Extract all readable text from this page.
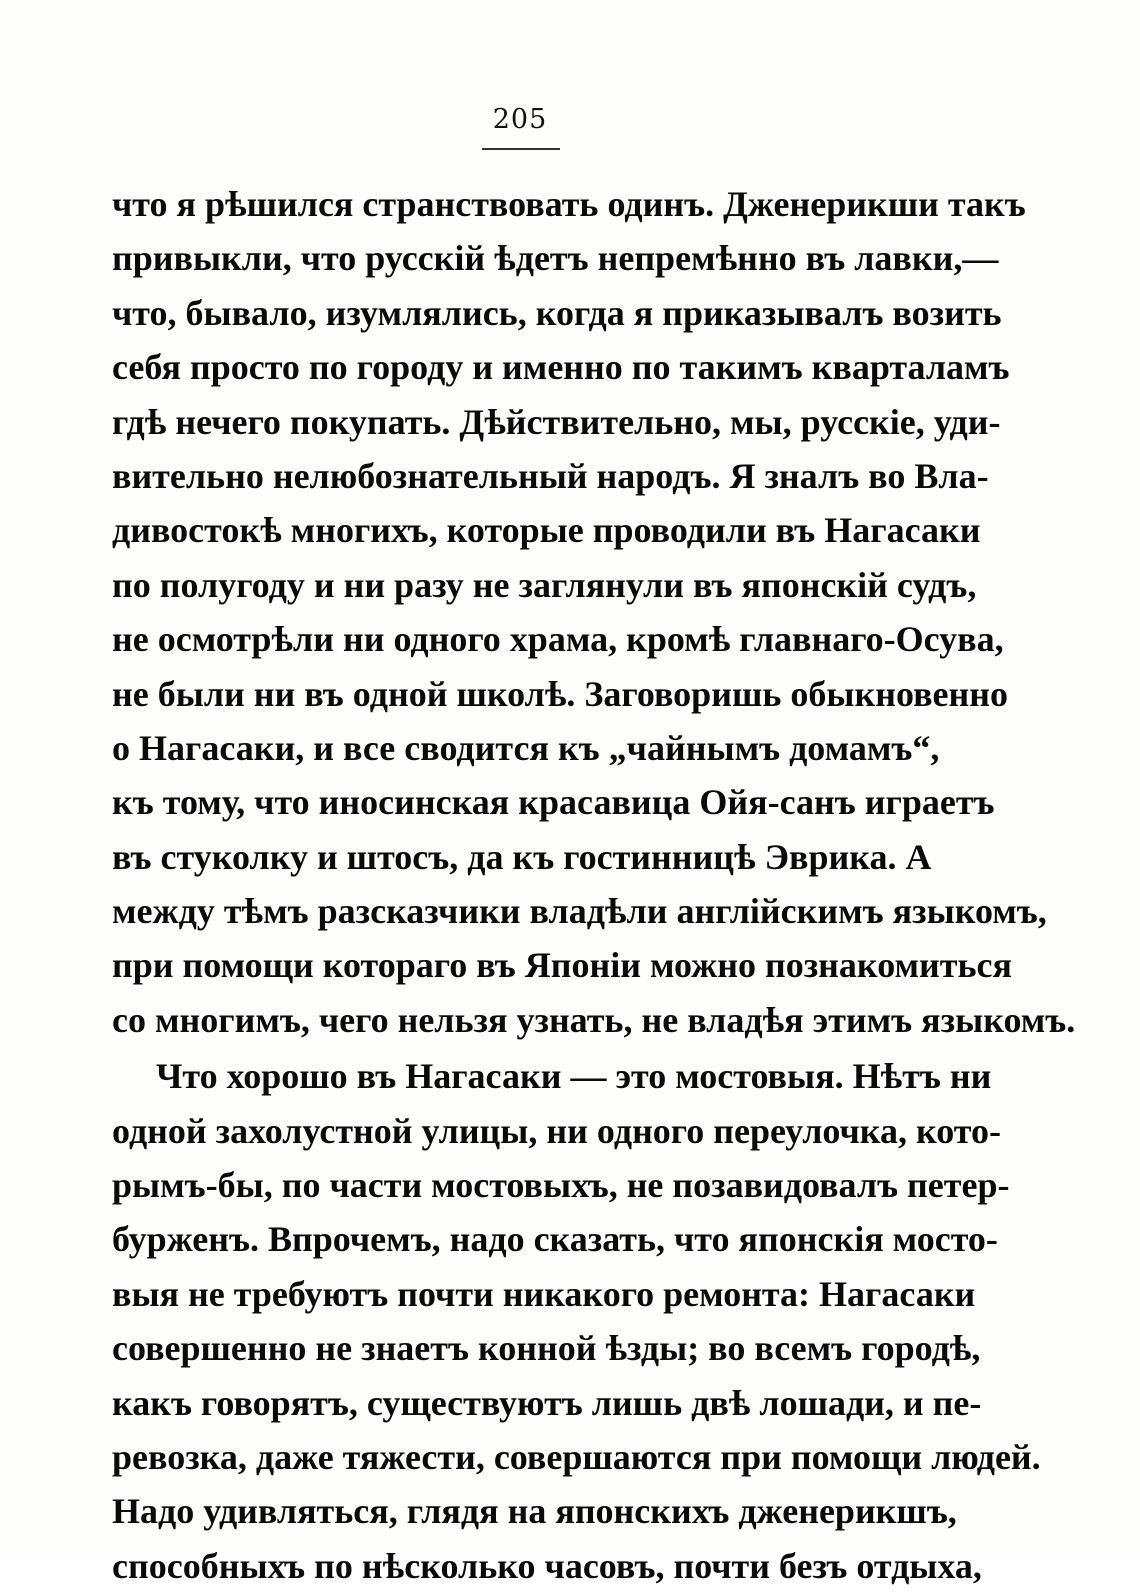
205
что я рѣшился странствовать одинъ. Дженерикши такъ
привыкли, что русскій ѣдетъ непремѣнно въ лавки,—
что, бывало, изумлялись, когда я приказывалъ возить
себя просто по городу и именно по такимъ кварталамъ
гдѣ нечего покупать. Дѣйствительно, мы, русскіе, уди-
вительно нелюбознательный народъ. Я зналъ во Вла-
дивостокѣ многихъ, которые проводили въ Нагасаки
по полугоду и ни разу не заглянули въ японскій судъ,
не осмотрѣли ни одного храма, кромѣ главнаго-Осува,
не были ни въ одной школѣ. Заговоришь обыкновенно
о Нагасаки, и все сводится къ „чайнымъ домамъ“,
къ тому, что иносинская красавица Ойя-санъ играетъ
въ стуколку и штосъ, да къ гостинницѣ Эврика. А
между тѣмъ разсказчики владѣли англійскимъ языкомъ,
при помощи котораго въ Японіи можно познакомиться
со многимъ, чего нельзя узнать, не владѣя этимъ языкомъ.
Что хорошо въ Нагасаки — это мостовыя. Нѣтъ ни
одной захолустной улицы, ни одного переулочка, кото-
рымъ-бы, по части мостовыхъ, не позавидовалъ петер-
бурженъ. Впрочемъ, надо сказать, что японскія мосто-
выя не требуютъ почти никакого ремонта: Нагасаки
совершенно не знаетъ конной ѣзды; во всемъ городѣ,
какъ говорятъ, существуютъ лишь двѣ лошади, и пе-
ревозка, даже тяжести, совершаются при помощи людей.
Надо удивляться, глядя на японскихъ дженерикшъ,
способныхъ по нѣсколько часовъ, почти безъ отдыха,
